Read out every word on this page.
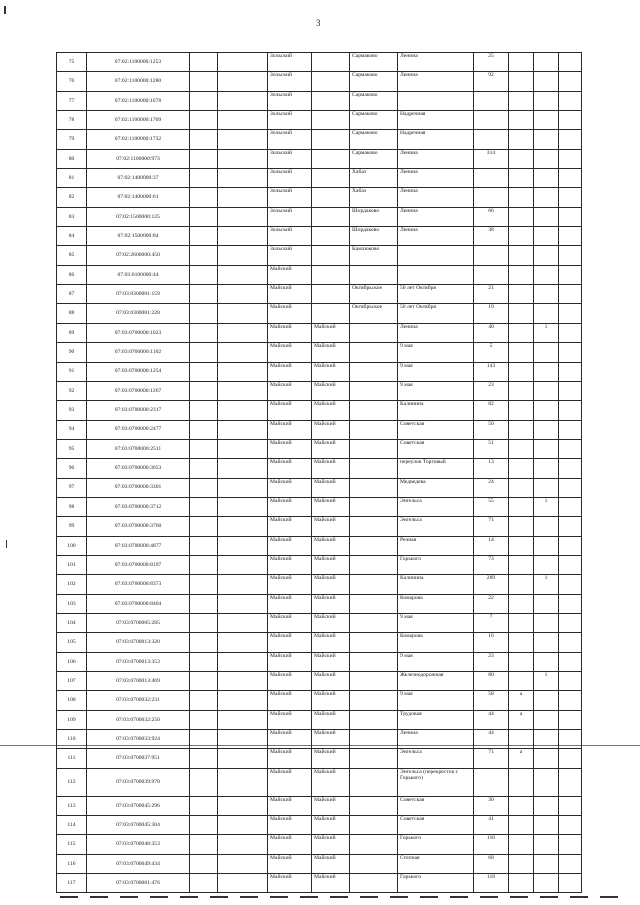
3
75	07:02:1100000:1253			Зольский		Сармаково	Ленина	25			
76	07:02:1100000:1280			Зольский		Сармаково	Ленина	92			
77	07:02:1100000:1678			Зольский		Сармаково					
78	07:02:1100000:1709			Зольский		Сармаково	Надречная				
79	07:02:1100000:1732			Зольский		Сармаково	Надречная				
80	07:02:1100000:973			Зольский		Сармаково	Ленина	314			
81	07:02:1400000:37			Зольский		Хабаз	Ленина				
82	07:02:1400000:61			Зольский		Хабаз	Ленина				
83	07:02:1500000:125			Зольский		Шордаково	Ленина	66			
84	07:02:1500000:84			Зольский		Шордаково	Ленина	38			
85	07:02:2600000:450			Зольский		Камлюково					
86	07:03:0100000:44			Майский							
87	07:03:0300001:159			Майский		Октябрьское	50 лет Октября	21			
88	07:03:0300001:228			Майский		Октябрьское	50 лет Октября	19			
89	07:03:0700000:1023			Майский	Майский		Ленина	40		1	
90	07:03:0700000:1102			Майский	Майский		9 мая	5			
91	07:03:0700000:1254			Майский	Майский		9 мая	143			
92	07:03:0700000:1267			Майский	Майский		9 мая	23			
93	07:03:0700000:2317			Майский	Майский		Калинина	82			
94	07:03:0700000:2477			Майский	Майский		Советская	50			
95	07:03:0700000:2511			Майский	Майский		Советская	51			
96	07:03:0700000:3053			Майский	Майский		переулок Торговый	13			
97	07:03:0700000:3301			Майский	Майский		Медведева	24			
98	07:03:0700000:3712			Майский	Майский		Энгельса	55		1	
99	07:03:0700000:3760			Майский	Майский		Энгельса	71			
100	07:03:0700000:4877			Майский	Майский		Речная	14			
101	07:03:0700000:8197			Майский	Майский		Горького	73			
102	07:03:0700000:8373			Майский	Майский		Калинина	289		1	
103	07:03:0700000:8404			Майский	Майский		Комарова	22			
104	07:03:0700005:285			Майский	Майский		9 мая	7			
105	07:03:0700013:320			Майский	Майский		Комарова	16			
106	07:03:0700013:353			Майский	Майский		9 мая	23			
107	07:03:0700013:469			Майский	Майский		Железнодорожная	80		1	
108	07:03:0700032:231			Майский	Майский		9 мая	58	а		
109	07:03:0700032:250			Майский	Майский		Трудовая	44	а		
110	07:03:0700033:924			Майский	Майский		Ленина	44			
111	07:03:0700037:951			Майский	Майский		Энгельса	71	а		
112	07:03:0700039:978			Майский	Майский		Энгельса (перекресток с Горького)				
113	07:03:0700045:296			Майский	Майский		Советская	30			
114	07:03:0700045:304			Майский	Майский		Советская	41			
115	07:03:0700048:353			Майский	Майский		Горького	110			
116	07:03:0700049:434			Майский	Майский		Степная	68			
117	07:03:0700061:476			Майский	Майский		Горького	118			
